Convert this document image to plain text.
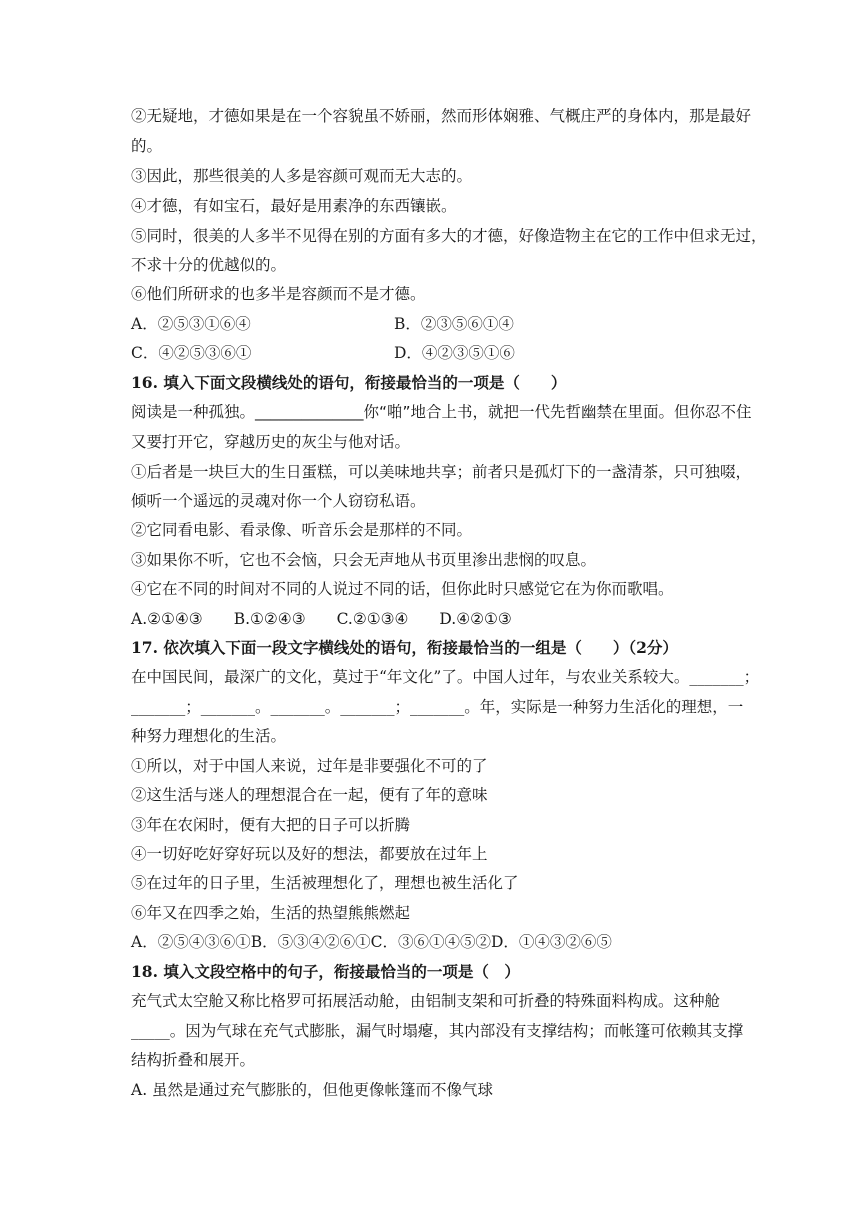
②无疑地，才德如果是在一个容貌虽不娇丽，然而形体娴雅、气概庄严的身体内，那是最好
的。
③因此，那些很美的人多是容颜可观而无大志的。
④才德，有如宝石，最好是用素净的东西镶嵌。
⑤同时，很美的人多半不见得在别的方面有多大的才德，好像造物主在它的工作中但求无过，
不求十分的优越似的。
⑥他们所研求的也多半是容颜而不是才德。
A．②⑤③①⑥④	B．②③⑤⑥①④
C．④②⑤③⑥①	D．④②③⑤①⑥
16. 填入下面文段横线处的语句，衔接最恰当的一项是（　　）
阅读是一种孤独。______________你“啪”地合上书，就把一代先哲幽禁在里面。但你忍不住
又要打开它，穿越历史的灰尘与他对话。
①后者是一块巨大的生日蛋糕，可以美味地共享；前者只是孤灯下的一盏清茶，只可独啜，
倾听一个遥远的灵魂对你一个人窃窃私语。
②它同看电影、看录像、听音乐会是那样的不同。
③如果你不听，它也不会恼，只会无声地从书页里渗出悲悯的叹息。
④它在不同的时间对不同的人说过不同的话，但你此时只感觉它在为你而歌唱。
A.②①④③　　B.①②④③　　C.②①③④　　D.④②①③
17. 依次填入下面一段文字横线处的语句，衔接最恰当的一组是（　　）（2分）
在中国民间，最深广的文化，莫过于“年文化”了。中国人过年，与农业关系较大。_______；
_______；_______。_______。_______；_______。年，实际是一种努力生活化的理想，一
种努力理想化的生活。
①所以，对于中国人来说，过年是非要强化不可的了
②这生活与迷人的理想混合在一起，便有了年的意味
③年在农闲时，便有大把的日子可以折腾
④一切好吃好穿好玩以及好的想法，都要放在过年上
⑤在过年的日子里，生活被理想化了，理想也被生活化了
⑥年又在四季之始，生活的热望熊熊燃起
A．②⑤④③⑥①B．⑤③④②⑥①C．③⑥①④⑤②D．①④③②⑥⑤
18. 填入文段空格中的句子，衔接最恰当的一项是（　）
充气式太空舱又称比格罗可拓展活动舱，由铝制支架和可折叠的特殊面料构成。这种舱
_____。因为气球在充气式膨胀，漏气时塌瘪，其内部没有支撑结构；而帐篷可依赖其支撑
结构折叠和展开。
A. 虽然是通过充气膨胀的，但他更像帐篷而不像气球
